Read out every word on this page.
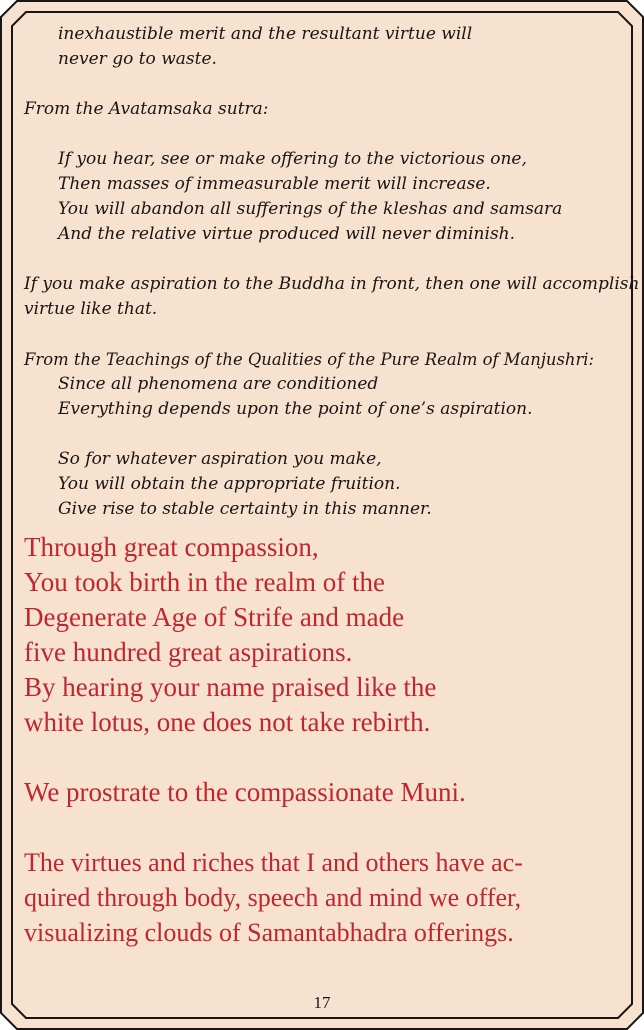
inexhaustible merit and the resultant virtue will

never go to waste.

From the Avatamsaka sutra:

If you hear, see or make offering to the victorious one,

Then masses of immeasurable merit will increase.

You will abandon all sufferings of the kleshas and samsara

And the relative virtue produced will never diminish.

If you make aspiration to the Buddha in front, then one will accomplish

virtue like that.

From the Teachings of the Qualities of the Pure Realm of Manjushri:

Since all phenomena are conditioned

Everything depends upon the point of one’s aspiration.

So for whatever aspiration you make,

You will obtain the appropriate fruition.

Give rise to stable certainty in this manner.

Through great compassion,

You took birth in the realm of the

Degenerate Age of Strife and made

five hundred great aspirations.

By hearing your name praised like the

white lotus, one does not take rebirth.

We prostrate to the compassionate Muni.

The virtues and riches that I and others have ac-

quired through body, speech and mind we offer,

visualizing clouds of Samantabhadra offerings.

17
